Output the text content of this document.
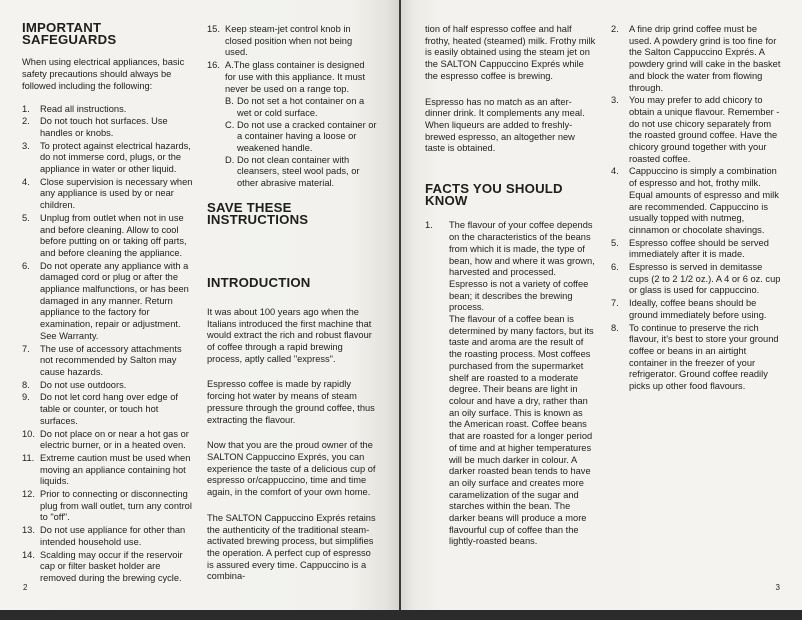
IMPORTANT SAFEGUARDS

When using electrical appliances, basic safety precautions should always be followed including the following:

1. Read all instructions.
2. Do not touch hot surfaces. Use handles or knobs.
3. To protect against electrical hazards, do not immerse cord, plugs, or the appliance in water or other liquid.
4. Close supervision is necessary when any appliance is used by or near children.
5. Unplug from outlet when not in use and before cleaning. Allow to cool before putting on or taking off parts, and before cleaning the appliance.
6. Do not operate any appliance with a damaged cord or plug or after the appliance malfunctions, or has been damaged in any manner. Return appliance to the factory for examination, repair or adjustment. See Warranty.
7. The use of accessory attachments not recommended by Salton may cause hazards.
8. Do not use outdoors.
9. Do not let cord hang over edge of table or counter, or touch hot surfaces.
10. Do not place on or near a hot gas or electric burner, or in a heated oven.
11. Extreme caution must be used when moving an appliance containing hot liquids.
12. Prior to connecting or disconnecting plug from wall outlet, turn any control to "off".
13. Do not use appliance for other than intended household use.
14. Scalding may occur if the reservoir cap or filter basket holder are removed during the brewing cycle.
15. Keep steam-jet control knob in closed position when not being used.
16. A.The glass container is designed for use with this appliance. It must never be used on a range top.
B. Do not set a hot container on a wet or cold surface.
C. Do not use a cracked container or a container having a loose or weakened handle.
D. Do not clean container with cleansers, steel wool pads, or other abrasive material.
SAVE THESE INSTRUCTIONS
INTRODUCTION

It was about 100 years ago when the Italians introduced the first machine that would extract the rich and robust flavour of coffee through a rapid brewing process, aptly called "express".

Espresso coffee is made by rapidly forcing hot water by means of steam pressure through the ground coffee, thus extracting the flavour.

Now that you are the proud owner of the SALTON Cappuccino Exprés, you can experience the taste of a delicious cup of espresso or/cappuccino, time and time again, in the comfort of your own home.

The SALTON Cappuccino Exprés retains the authenticity of the traditional steam-activated brewing process, but simplifies the operation. A perfect cup of espresso is assured every time. Cappuccino is a combina-

2

tion of half espresso coffee and half frothy, heated (steamed) milk. Frothy milk is easily obtained using the steam jet on the SALTON Cappuccino Exprés while the espresso coffee is brewing.

Espresso has no match as an after-dinner drink. It complements any meal. When liqueurs are added to freshly-brewed espresso, an altogether new taste is obtained.

FACTS YOU SHOULD KNOW
1. The flavour of your coffee depends on the characteristics of the beans from which it is made, the type of bean, how and where it was grown, harvested and processed. Espresso is not a variety of coffee bean; it describes the brewing process.
The flavour of a coffee bean is determined by many factors, but its taste and aroma are the result of the roasting process. Most coffees purchased from the supermarket shelf are roasted to a moderate degree. Their beans are light in colour and have a dry, rather than an oily surface. This is known as the American roast. Coffee beans that are roasted for a longer period of time and at higher temperatures will be much darker in colour. A darker roasted bean tends to have an oily surface and creates more caramelization of the sugar and starches within the bean. The darker beans will produce a more flavourful cup of coffee than the lightly-roasted beans.
2. A fine drip grind coffee must be used. A powdery grind is too fine for the Salton Cappuccino Exprés. A powdery grind will cake in the basket and block the water from flowing through.
3. You may prefer to add chicory to obtain a unique flavour. Remember - do not use chicory separately from the roasted ground coffee. Have the chicory ground together with your roasted coffee.
4. Cappuccino is simply a combination of espresso and hot, frothy milk. Equal amounts of espresso and milk are recommended. Cappuccino is usually topped with nutmeg, cinnamon or chocolate shavings.
5. Espresso coffee should be served immediately after it is made.
6. Espresso is served in demitasse cups (2 to 2 1/2 oz.). A 4 or 6 oz. cup or glass is used for cappuccino.
7. Ideally, coffee beans should be ground immediately before using.
8. To continue to preserve the rich flavour, it's best to store your ground coffee or beans in an airtight container in the freezer of your refrigerator. Ground coffee readily picks up other food flavours.
3
